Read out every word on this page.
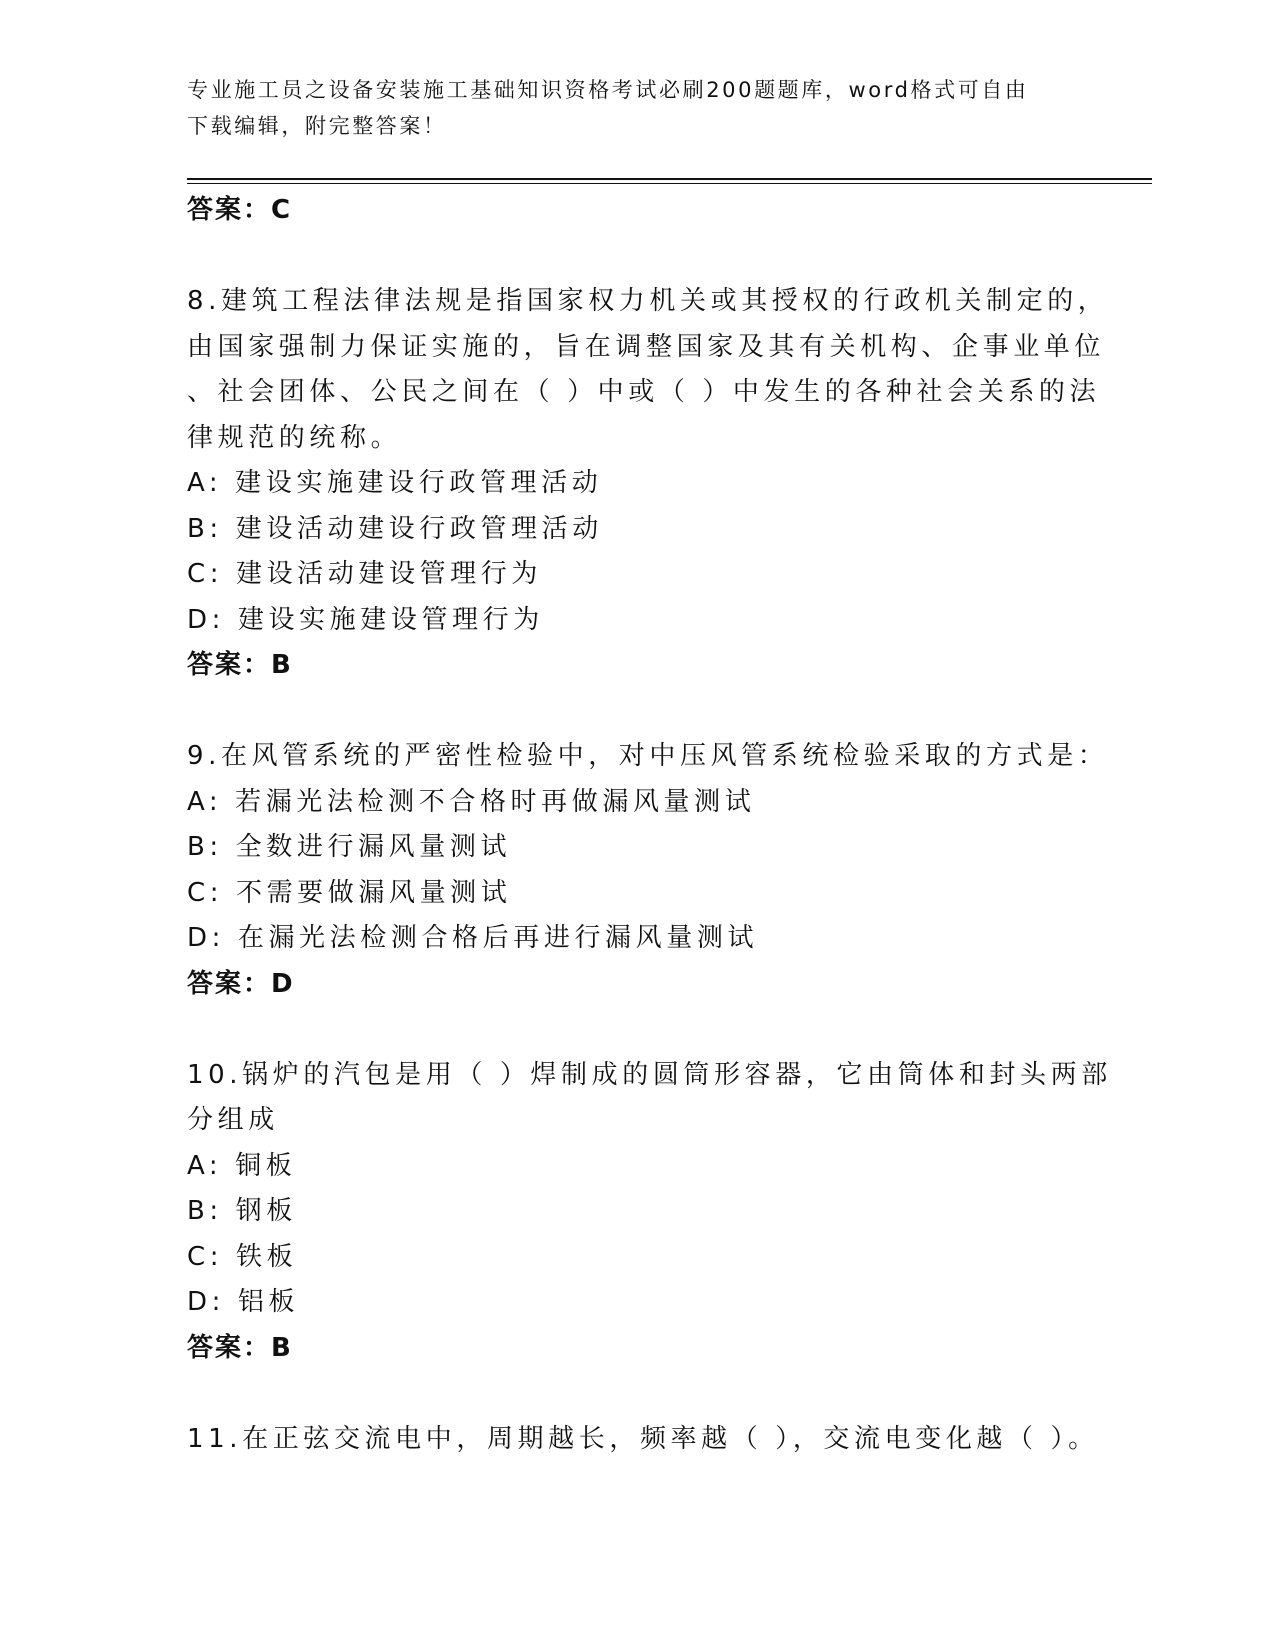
专业施工员之设备安装施工基础知识资格考试必刷200题题库，word格式可自由
下载编辑，附完整答案！
答案：C
8.建筑工程法律法规是指国家权力机关或其授权的行政机关制定的，
由国家强制力保证实施的，旨在调整国家及其有关机构、企事业单位
、社会团体、公民之间在（ ）中或（ ）中发生的各种社会关系的法
律规范的统称。
A: 建设实施建设行政管理活动
B: 建设活动建设行政管理活动
C: 建设活动建设管理行为
D: 建设实施建设管理行为
答案：B
9.在风管系统的严密性检验中，对中压风管系统检验采取的方式是：
A: 若漏光法检测不合格时再做漏风量测试
B: 全数进行漏风量测试
C: 不需要做漏风量测试
D: 在漏光法检测合格后再进行漏风量测试
答案：D
10.锅炉的汽包是用（ ）焊制成的圆筒形容器，它由筒体和封头两部
分组成
A: 铜板
B: 钢板
C: 铁板
D: 铝板
答案：B
11.在正弦交流电中，周期越长，频率越（ ），交流电变化越（ ）。
